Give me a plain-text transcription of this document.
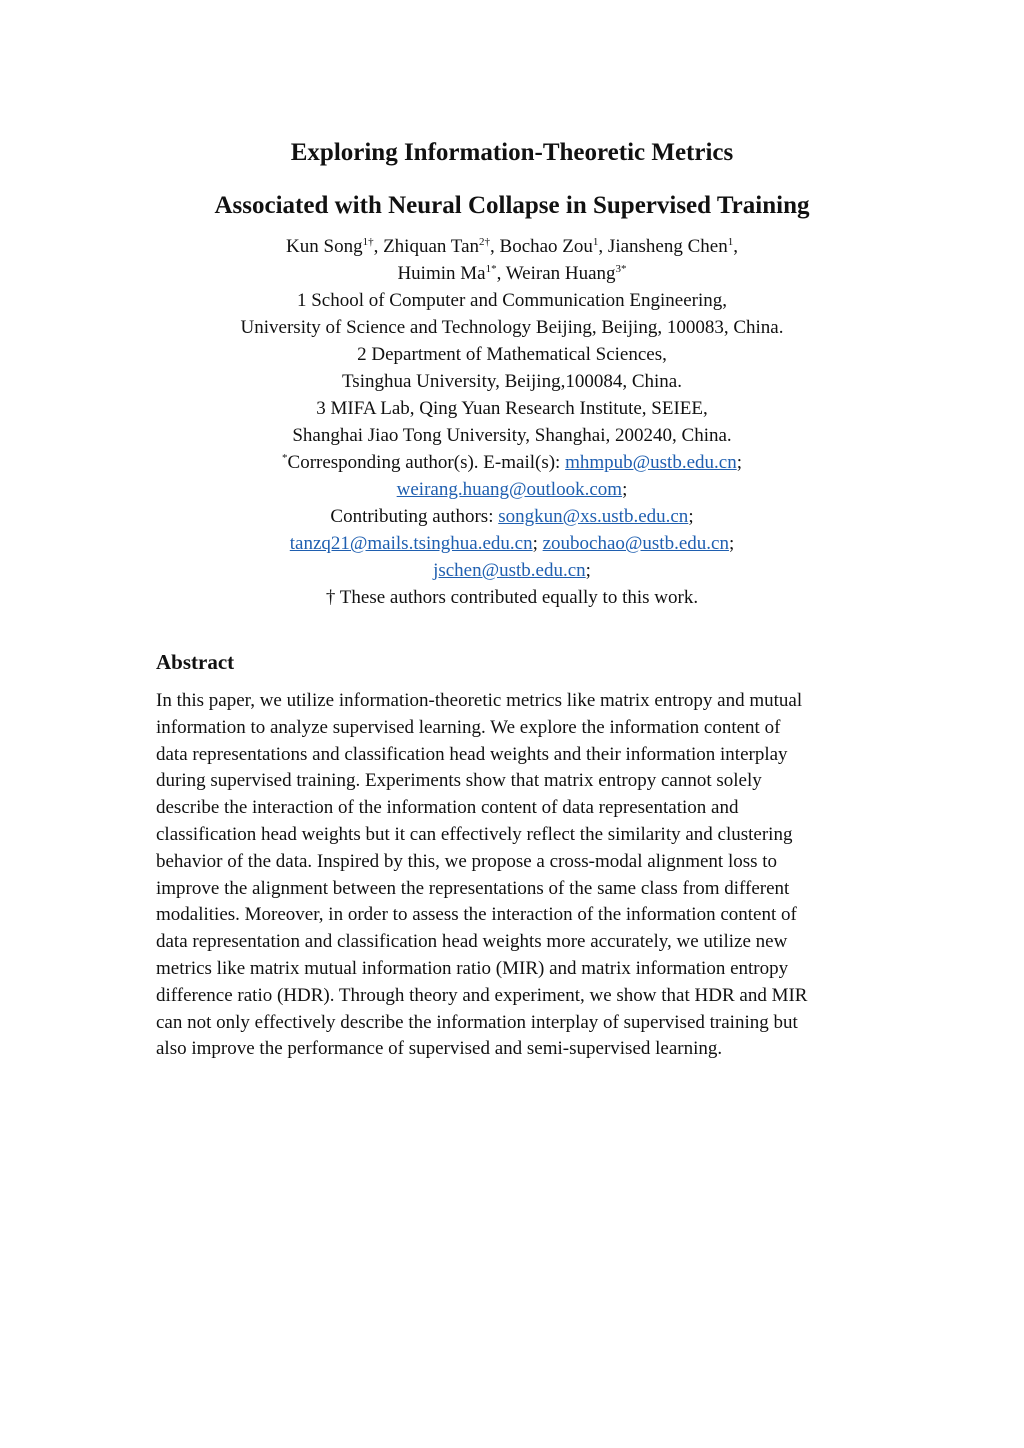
Exploring Information-Theoretic Metrics
Associated with Neural Collapse in Supervised Training
Kun Song$^{1\dagger}$, Zhiquan Tan$^{2\dagger}$, Bochao Zou$^1$, Jiansheng Chen$^1$,
Huimin $Ma^{1*}$, Weiran Huang$^{3*}$
1 School of Computer and Communication Engineering,
University of Science and Technology Beijing, Beijing, 100083, China.
2 Department of Mathematical Sciences,
Tsinghua University, Beijing,100084, China.
3 MIFA Lab, Qing Yuan Research Institute, SEIEE,
Shanghai Jiao Tong University, Shanghai, 200240, China.
*Corresponding author(s). E-mail(s): mhmpub@ustb.edu.cn;
weirang.huang@outlook.com;
Contributing authors: songkun@xs.ustb.edu.cn;
tanzq21@mails.tsinghua.edu.cn; zoubochao@ustb.edu.cn;
jschen@ustb.edu.cn;
† These authors contributed equally to this work.
Abstract
In this paper, we utilize information-theoretic metrics like matrix entropy and mutual
information to analyze supervised learning. We explore the information content of
data representations and classification head weights and their information interplay
during supervised training. Experiments show that matrix entropy cannot solely
describe the interaction of the information content of data representation and
classification head weights but it can effectively reflect the similarity and clustering
behavior of the data. Inspired by this, we propose a cross-modal alignment loss to
improve the alignment between the representations of the same class from different
modalities. Moreover, in order to assess the interaction of the information content of
data representation and classification head weights more accurately, we utilize new
metrics like matrix mutual information ratio (MIR) and matrix information entropy
difference ratio (HDR). Through theory and experiment, we show that HDR and MIR
can not only effectively describe the information interplay of supervised training but
also improve the performance of supervised and semi-supervised learning.
